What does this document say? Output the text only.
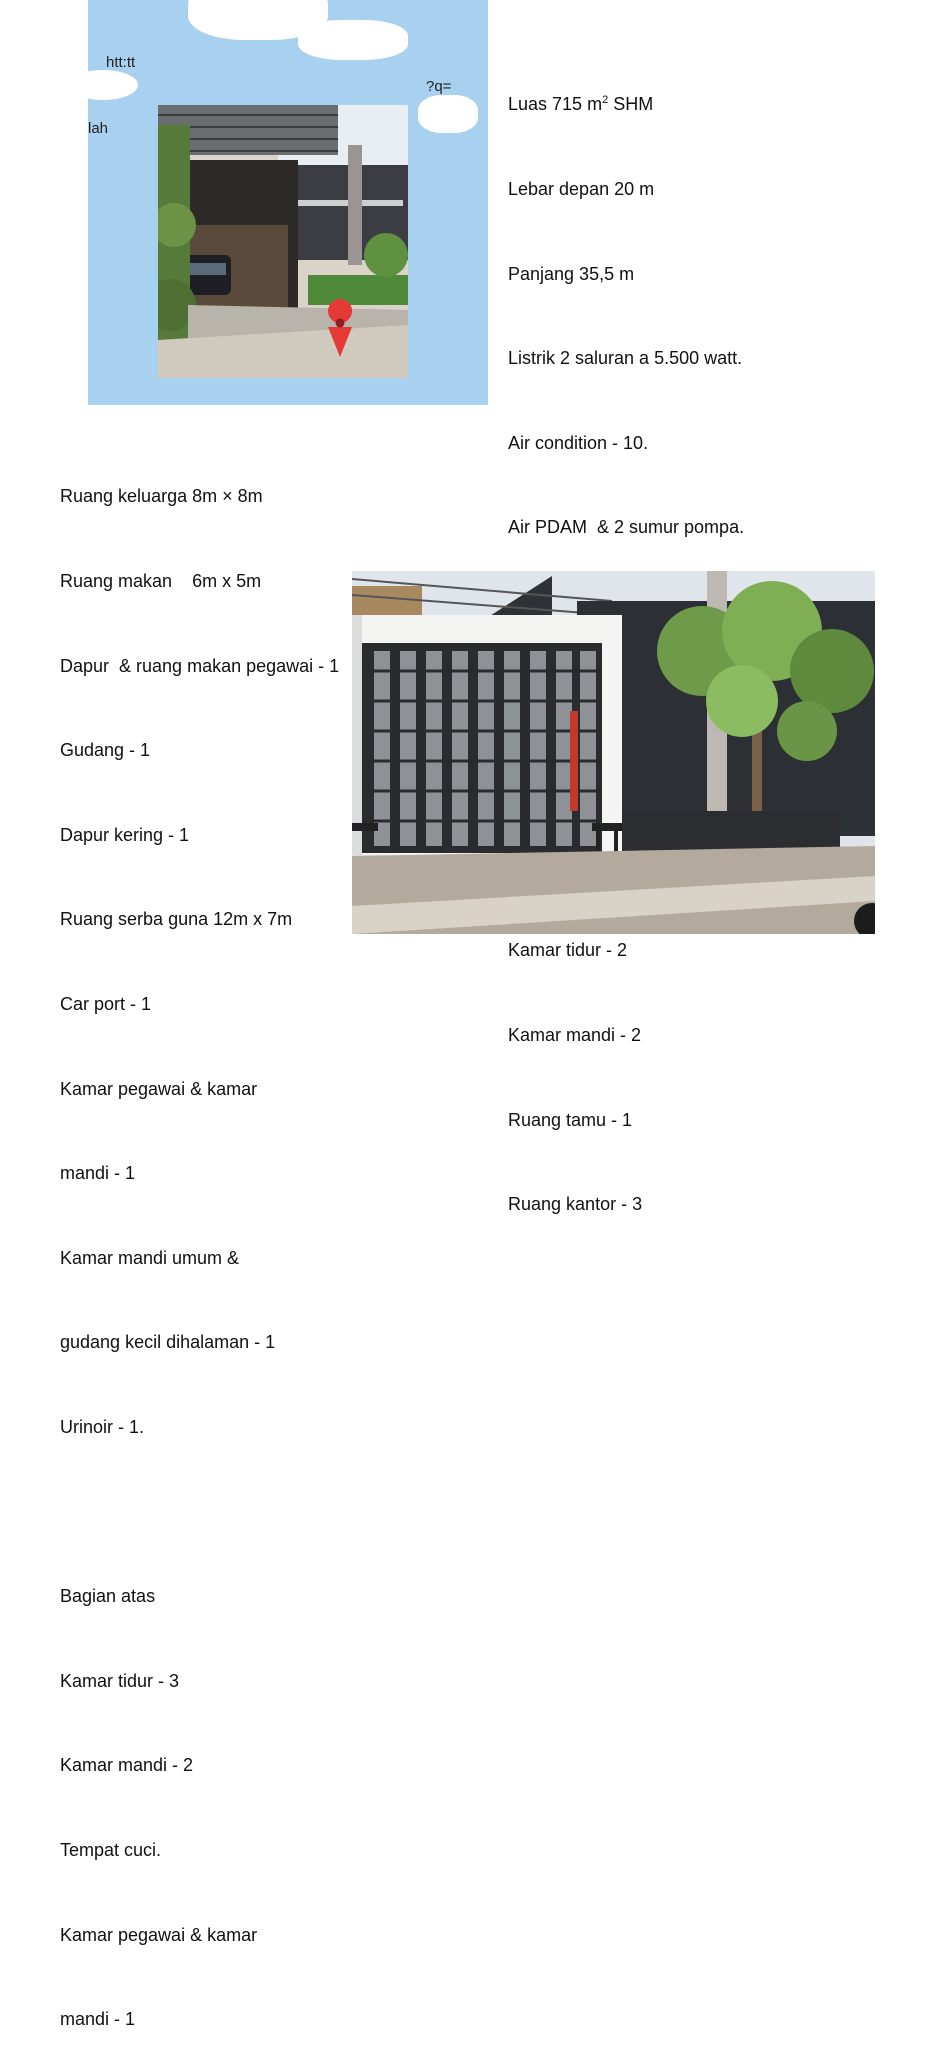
htt:tt
?q=
lah

Luas 715 $m^2$ SHM

Lebar depan 20 m

Panjang 35,5 m

Listrik 2 saluran a 5.500 watt.

Air condition - 10.

Air PDAM  & 2 sumur pompa.

Kamar tidur - 2

Kamar mandi - 2

Ruang tamu - 1

Ruang kantor - 3

Ruang keluarga 8m × 8m

Ruang makan    6m x 5m

Dapur  & ruang makan pegawai - 1

Gudang - 1

Dapur kering - 1

Ruang serba guna 12m x 7m

Car port - 1

Kamar pegawai & kamar

mandi - 1

Kamar mandi umum &

gudang kecil dihalaman - 1

Urinoir - 1.

Bagian atas

Kamar tidur - 3

Kamar mandi - 2

Tempat cuci.

Kamar pegawai & kamar

mandi - 1
